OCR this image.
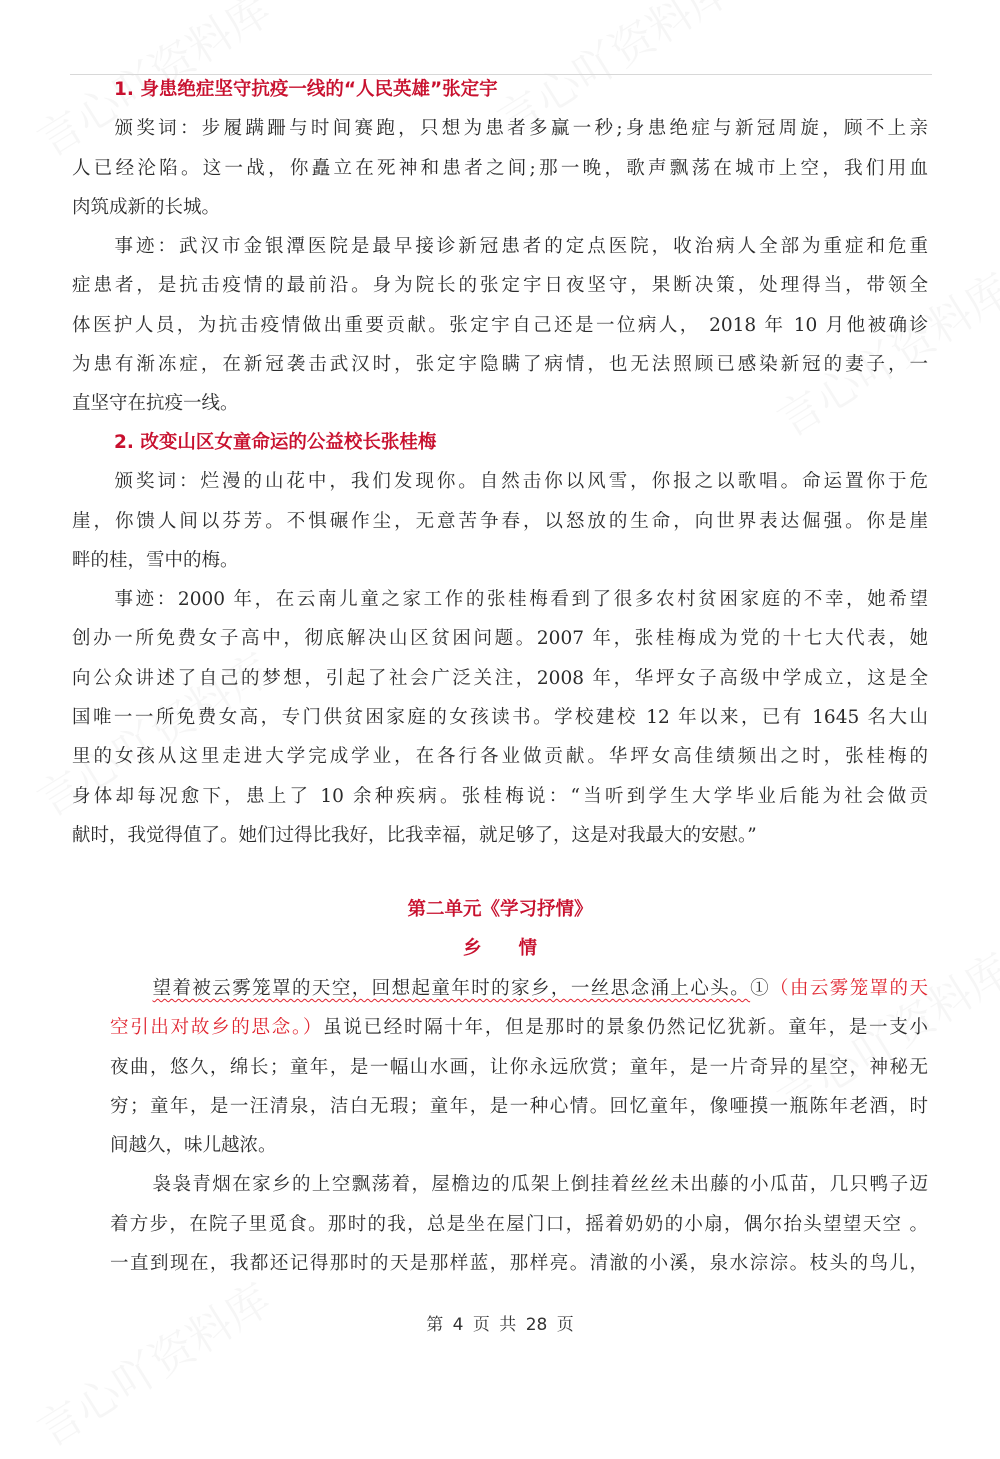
1. 身患绝症坚守抗疫一线的“人民英雄”张定宇
颁奖词：步履蹒跚与时间赛跑，只想为患者多赢一秒;身患绝症与新冠周旋，顾不上亲
人已经沦陷。这一战，你矗立在死神和患者之间;那一晚，歌声飘荡在城市上空，我们用血
肉筑成新的长城。
事迹：武汉市金银潭医院是最早接诊新冠患者的定点医院，收治病人全部为重症和危重
症患者，是抗击疫情的最前沿。身为院长的张定宇日夜坚守，果断决策，处理得当，带领全
体医护人员，为抗击疫情做出重要贡献。张定宇自己还是一位病人， 2018 年 10 月他被确诊
为患有渐冻症，在新冠袭击武汉时，张定宇隐瞒了病情，也无法照顾已感染新冠的妻子，一
直坚守在抗疫一线。
2. 改变山区女童命运的公益校长张桂梅
颁奖词：烂漫的山花中，我们发现你。自然击你以风雪，你报之以歌唱。命运置你于危
崖，你馈人间以芬芳。不惧碾作尘，无意苦争春，以怒放的生命，向世界表达倔强。你是崖
畔的桂，雪中的梅。
事迹：2000 年，在云南儿童之家工作的张桂梅看到了很多农村贫困家庭的不幸，她希望
创办一所免费女子高中，彻底解决山区贫困问题。2007 年，张桂梅成为党的十七大代表，她
向公众讲述了自己的梦想，引起了社会广泛关注，2008 年，华坪女子高级中学成立，这是全
国唯一一所免费女高，专门供贫困家庭的女孩读书。学校建校 12 年以来，已有 1645 名大山
里的女孩从这里走进大学完成学业，在各行各业做贡献。华坪女高佳绩频出之时，张桂梅的
身体却每况愈下，患上了 10 余种疾病。张桂梅说：“当听到学生大学毕业后能为社会做贡
献时，我觉得值了。她们过得比我好，比我幸福，就足够了，这是对我最大的安慰。”
第二单元《学习抒情》
乡　　情
望着被云雾笼罩的天空，回想起童年时的家乡，一丝思念涌上心头。①（由云雾笼罩的天
空引出对故乡的思念。）虽说已经时隔十年，但是那时的景象仍然记忆犹新。童年，是一支小
夜曲，悠久，绵长；童年，是一幅山水画，让你永远欣赏；童年，是一片奇异的星空，神秘无
穷；童年，是一汪清泉，洁白无瑕；童年，是一种心情。回忆童年，像唖摸一瓶陈年老酒，时
间越久，味儿越浓。
袅袅青烟在家乡的上空飘荡着，屋檐边的瓜架上倒挂着丝丝未出藤的小瓜苗，几只鸭子迈
着方步，在院子里觅食。那时的我，总是坐在屋门口，摇着奶奶的小扇，偶尔抬头望望天空 。
一直到现在，我都还记得那时的天是那样蓝，那样亮。清澈的小溪，泉水淙淙。枝头的鸟儿，
第 4 页 共 28 页
